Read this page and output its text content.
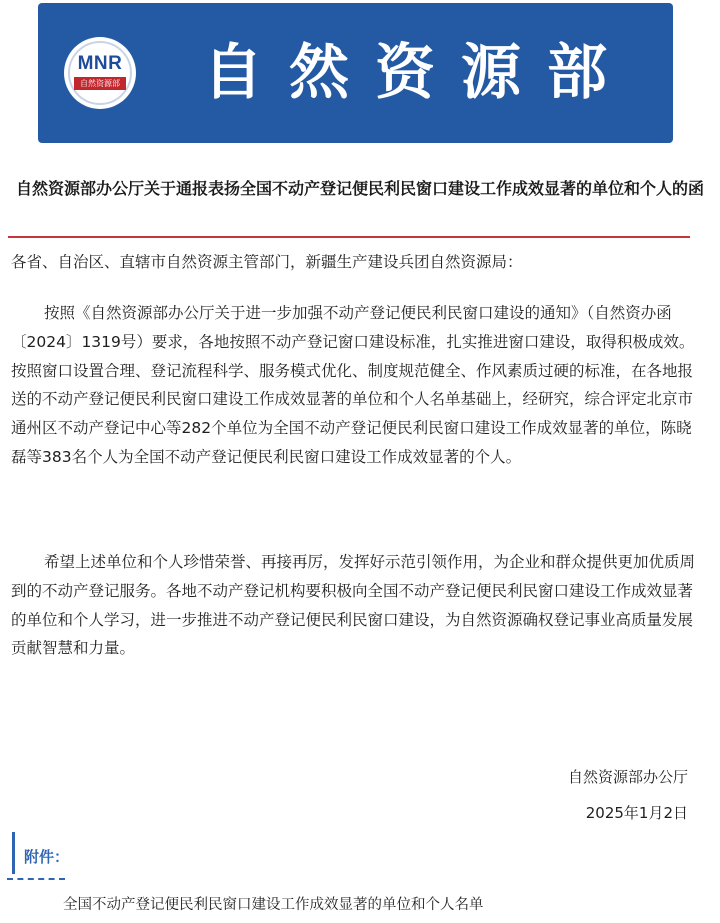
MNR
自然资源部 自然资源部
自然资源部办公厅关于通报表扬全国不动产登记便民利民窗口建设工作成效显著的单位和个人的函

各省、自治区、直辖市自然资源主管部门，新疆生产建设兵团自然资源局：

按照《自然资源部办公厅关于进一步加强不动产登记便民利民窗口建设的通知》（自然资办函〔2024〕1319号）要求，各地按照不动产登记窗口建设标准，扎实推进窗口建设，取得积极成效。按照窗口设置合理、登记流程科学、服务模式优化、制度规范健全、作风素质过硬的标准，在各地报送的不动产登记便民利民窗口建设工作成效显著的单位和个人名单基础上，经研究，综合评定北京市通州区不动产登记中心等282个单位为全国不动产登记便民利民窗口建设工作成效显著的单位，陈晓磊等383名个人为全国不动产登记便民利民窗口建设工作成效显著的个人。

希望上述单位和个人珍惜荣誉、再接再厉，发挥好示范引领作用，为企业和群众提供更加优质周到的不动产登记服务。各地不动产登记机构要积极向全国不动产登记便民利民窗口建设工作成效显著的单位和个人学习，进一步推进不动产登记便民利民窗口建设，为自然资源确权登记事业高质量发展贡献智慧和力量。

自然资源部办公厅
2025年1月2日
附件：
全国不动产登记便民利民窗口建设工作成效显著的单位和个人名单
